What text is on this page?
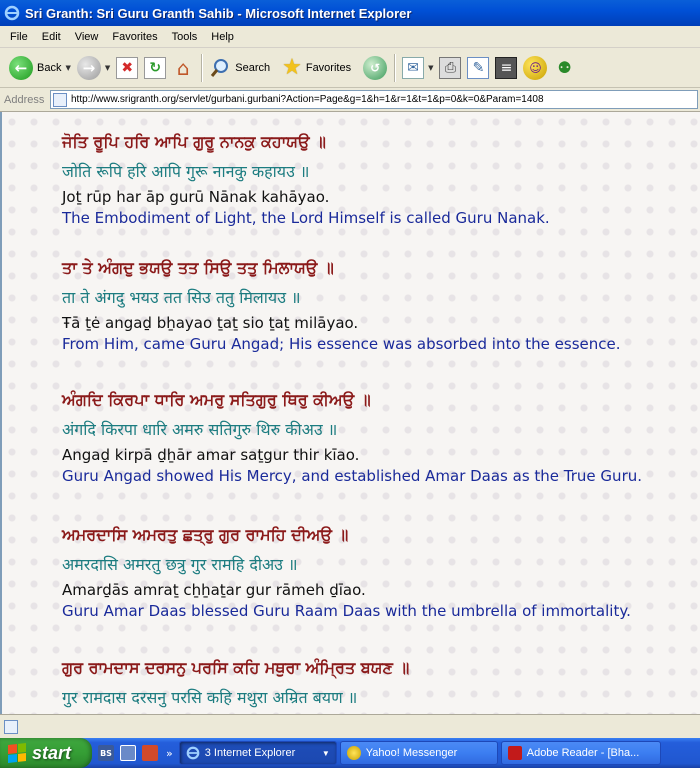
Sri Granth: Sri Guru Granth Sahib - Microsoft Internet Explorer
File	Edit	View	Favorites	Tools	Help
← Back ▼ →	▼ ✖	↻ ⌂	Search ★ Favorites	↺	✉	▼ ⎙	✎	≡	☺ ⚉
Address	http://www.srigranth.org/servlet/gurbani.gurbani?Action=Page&g=1&h=1&r=1&t=1&p=0&k=0&Param=1408
ਜੋਤਿ ਰੂਪਿ ਹਰਿ ਆਪਿ ਗੁਰੂ ਨਾਨਕੁ ਕਹਾਯਉ ॥
जोति रूपि हरि आपि गुरू नानकु कहायउ ॥
Joṯ rūp har āp gurū Nānak kahāyao.
The Embodiment of Light, the Lord Himself is called Guru Nanak.
ਤਾ ਤੇ ਅੰਗਦੁ ਭਯਉ ਤਤ ਸਿਉ ਤਤੁ ਮਿਲਾਯਉ ॥
ता ते अंगदु भयउ तत सिउ ततु मिलायउ ॥
Ŧā ṯė angaḏ bẖayao ṯaṯ sio ṯaṯ milāyao.
From Him, came Guru Angad; His essence was absorbed into the essence.
ਅੰਗਦਿ ਕਿਰਪਾ ਧਾਰਿ ਅਮਰੁ ਸਤਿਗੁਰੁ ਥਿਰੁ ਕੀਅਉ ॥
अंगदि किरपा धारि अमरु सतिगुरु थिरु कीअउ ॥
Angaḏ kirpā ḏẖār amar saṯgur thir kīao.
Guru Angad showed His Mercy, and established Amar Daas as the True Guru.
ਅਮਰਦਾਸਿ ਅਮਰਤੁ ਛਤ੍ਰੁ ਗੁਰ ਰਾਮਹਿ ਦੀਅਉ ॥
अमरदासि अमरतु छत्रु गुर रामहि दीअउ ॥
Amarḏās amraṯ cẖẖaṯar gur rāmeh ḏīao.
Guru Amar Daas blessed Guru Raam Daas with the umbrella of immortality.
ਗੁਰ ਰਾਮਦਾਸ ਦਰਸਨੁ ਪਰਸਿ ਕਹਿ ਮਥੁਰਾ ਅੰਮ੍ਰਿਤ ਬਯਣ ॥
गुर रामदास दरसनु परसि कहि मथुरा अम्रित बयण ॥
start	BS	»	3 Internet Explorer	▼	Yahoo! Messenger	Adobe Reader - [Bha...
